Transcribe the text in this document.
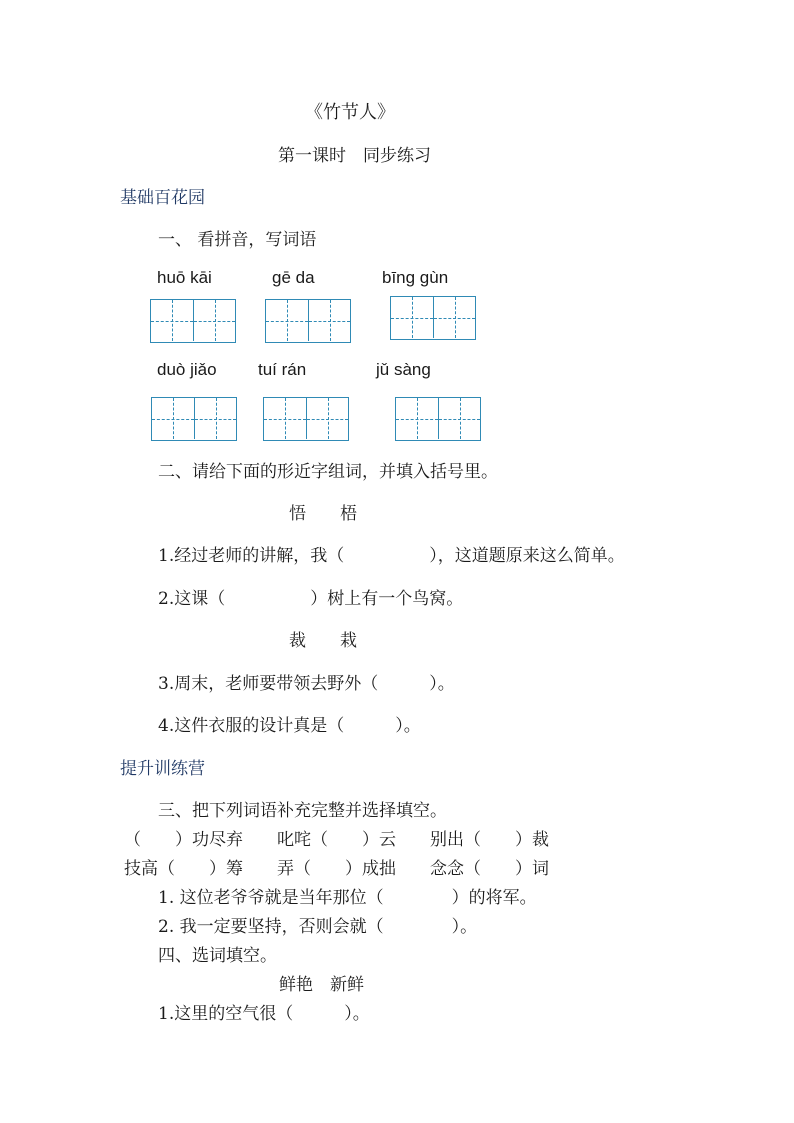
《竹节人》
第一课时　同步练习
基础百花园
一、 看拼音，写词语
huō kāi	gē da	bīng gùn
duò jiǎo tuí rán	jǔ sàng
二、请给下面的形近字组词，并填入括号里。
悟　　梧
1.经过老师的讲解，我（　　　　　），这道题原来这么简单。
2.这课（　　　　　）树上有一个鸟窝。
裁　　栽
3.周末，老师要带领去野外（　　　）。
4.这件衣服的设计真是（　　　）。
提升训练营
三、把下列词语补充完整并选择填空。
（　　）功尽弃　　叱咤（　　）云　　别出（　　）裁
技高（　　）筹　　弄（　　）成拙　　念念（　　）词
1. 这位老爷爷就是当年那位（　　　　）的将军。
2. 我一定要坚持，否则会就（　　　　）。
四、选词填空。
鲜艳　新鲜
1.这里的空气很（　　　）。
